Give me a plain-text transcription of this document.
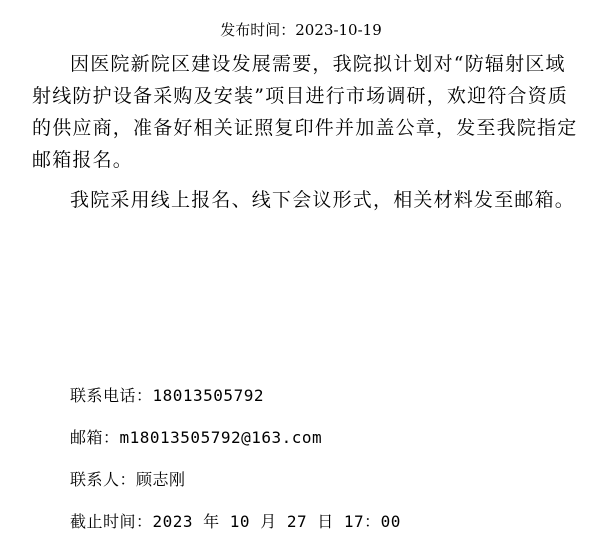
发布时间：2023-10-19

因医院新院区建设发展需要，我院拟计划对“防辐射区域射线防护设备采购及安装”项目进行市场调研，欢迎符合资质的供应商，准备好相关证照复印件并加盖公章，发至我院指定邮箱报名。

我院采用线上报名、线下会议形式，相关材料发至邮箱。

联系电话：18013505792
邮箱：m18013505792@163.com
联系人：顾志刚
截止时间：2023 年 10 月 27 日 17：00
